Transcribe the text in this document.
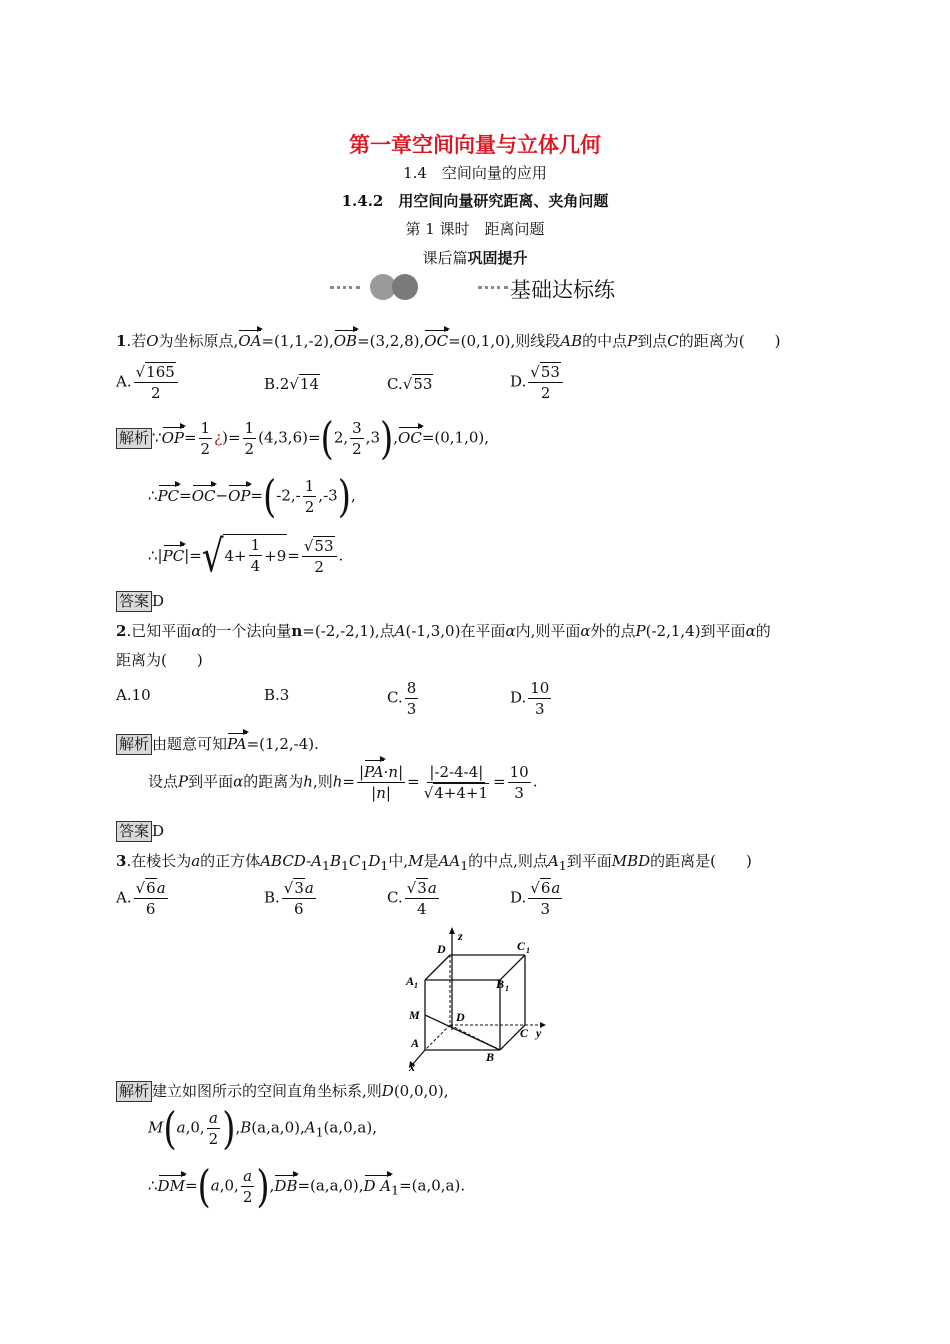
第一章空间向量与立体几何
1.4　空间向量的应用
1.4.2　用空间向量研究距离、夹角问题
第 1 课时　距离问题
课后篇巩固提升
基础达标练
1.若O为坐标原点,OA=(1,1,-2),OB=(3,2,8),OC=(0,1,0),则线段AB的中点P到点C的距离为(　　)
A. $\frac{√165}{2}$	B.2√14	C.√53	D. $\frac{√53}{2}$
解析 ∵OP= $\frac{1}{2}$ ¿)= $\frac{1}{2} (4,3,6)=(2$, $\frac{3}{2} ,3),OC=(0,1,0)$,
∴PC=OC−OP=(-2,- $\frac{1}{2} ,-3$),
∴|PC|=√ $4+ \frac{1}{4} +9 = \frac{√53}{2}$ .
答案 D
2.已知平面α的一个法向量n=(-2,-2,1),点A(-1,3,0)在平面α内,则平面α外的点P(-2,1,4)到平面α的
距离为(　　)
A.10	B.3	C. $\frac{8}{3}$	D. $\frac{10}{3}$
解析 由题意可知PA=(1,2,-4).
设点P到平面α的距离为h,则$h= \frac{|PA\cdot n|}{|n|} = \frac{|-2-4-4|}{√4+4+1} = \frac{10}{3}$ .
答案 D
3.在棱长为a的正方体ABCD-$A_1B_1C_1D_1$中,M是$AA_1$的中点,则点$A_1$到平面MBD的距离是(　　)
A. $\frac{√6a}{6}$	B. $\frac{√3a}{6}$	C. $\frac{√3a}{4}$	D. $\frac{√6a}{3}$
z
D	C 1
A 1	B 1
M	D
C y
A
B
x
解析 建立如图所示的空间直角坐标系,则D(0,0,0),
M(a,0, $\frac{a}{2} ),B(a,a,0),A_1(a,0,a)$,
∴DM=(a,0, $\frac{a}{2} ),DB=(a,a,0),D$ $A_1=(a,0,a)$.
